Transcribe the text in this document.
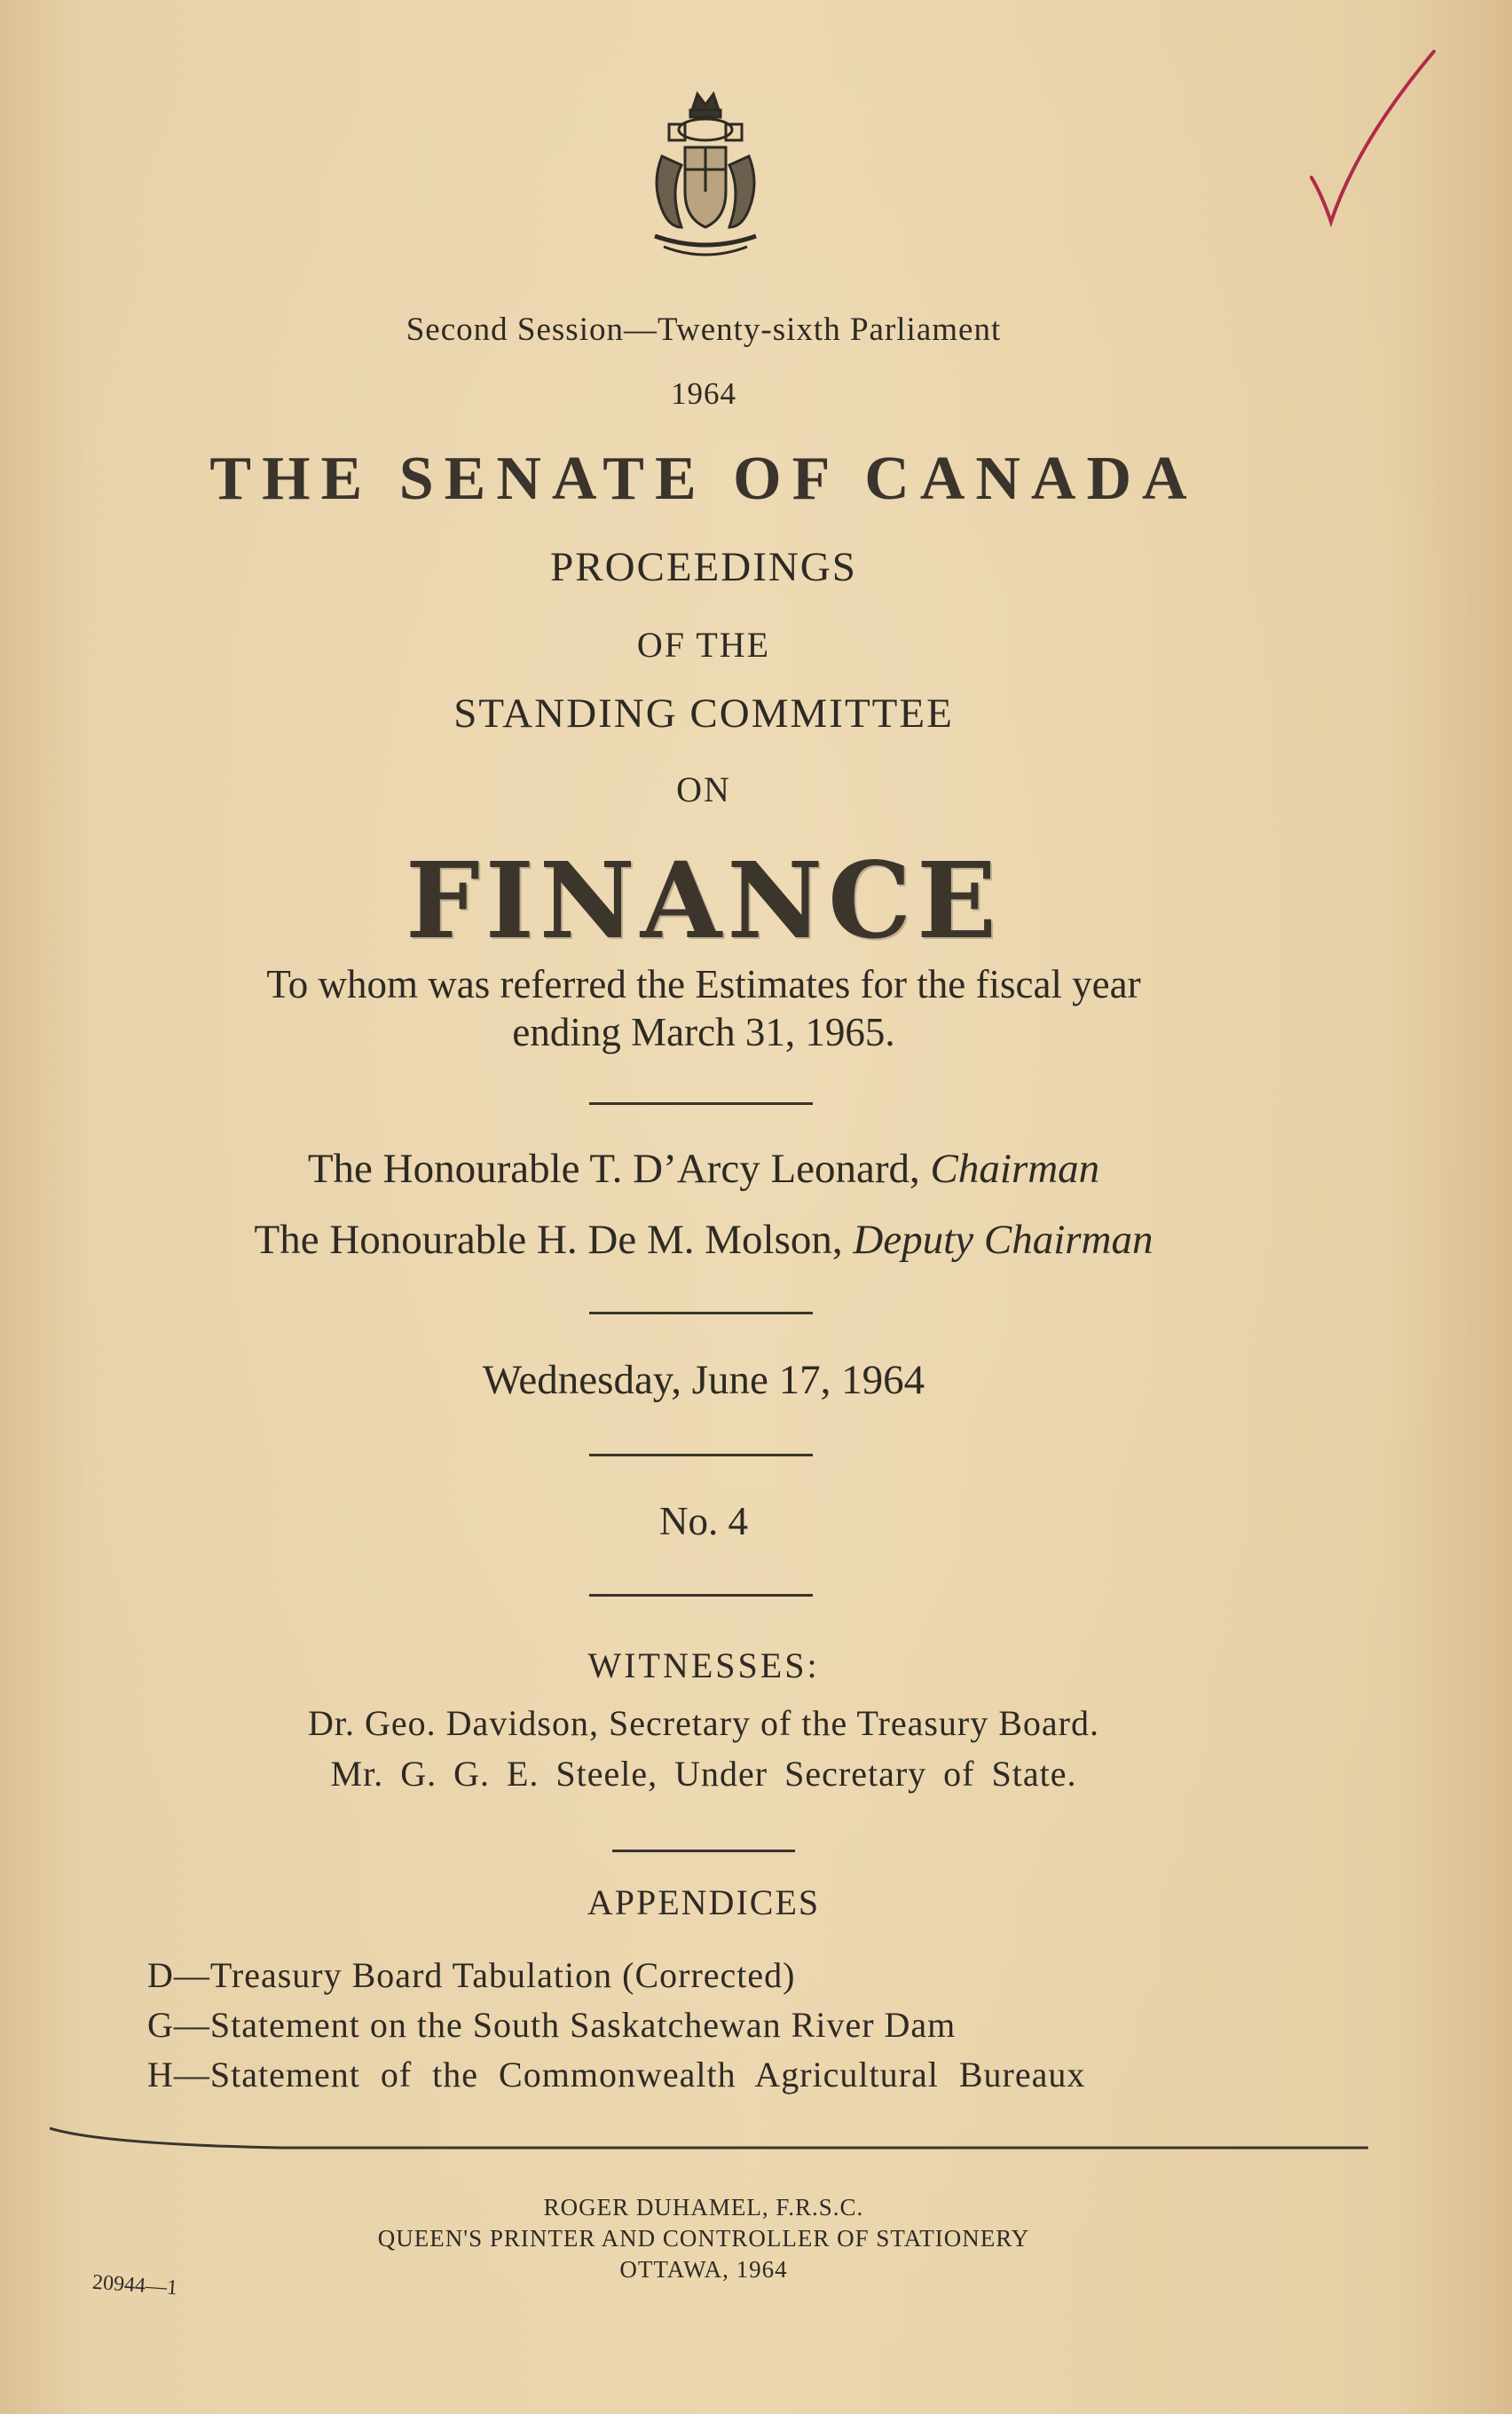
Second Session—Twenty-sixth Parliament
1964
THE SENATE OF CANADA
PROCEEDINGS
OF THE
STANDING COMMITTEE
ON
FINANCE
To whom was referred the Estimates for the fiscal year
ending March 31, 1965.
The Honourable T. D’Arcy Leonard, Chairman
The Honourable H. De M. Molson, Deputy Chairman
Wednesday, June 17, 1964
No. 4
WITNESSES:
Dr. Geo. Davidson, Secretary of the Treasury Board.
Mr. G. G. E. Steele, Under Secretary of State.
APPENDICES
D—Treasury Board Tabulation (Corrected)
G—Statement on the South Saskatchewan River Dam
H—Statement of the Commonwealth Agricultural Bureaux
ROGER DUHAMEL, F.R.S.C.
QUEEN'S PRINTER AND CONTROLLER OF STATIONERY
OTTAWA, 1964
20944—1
